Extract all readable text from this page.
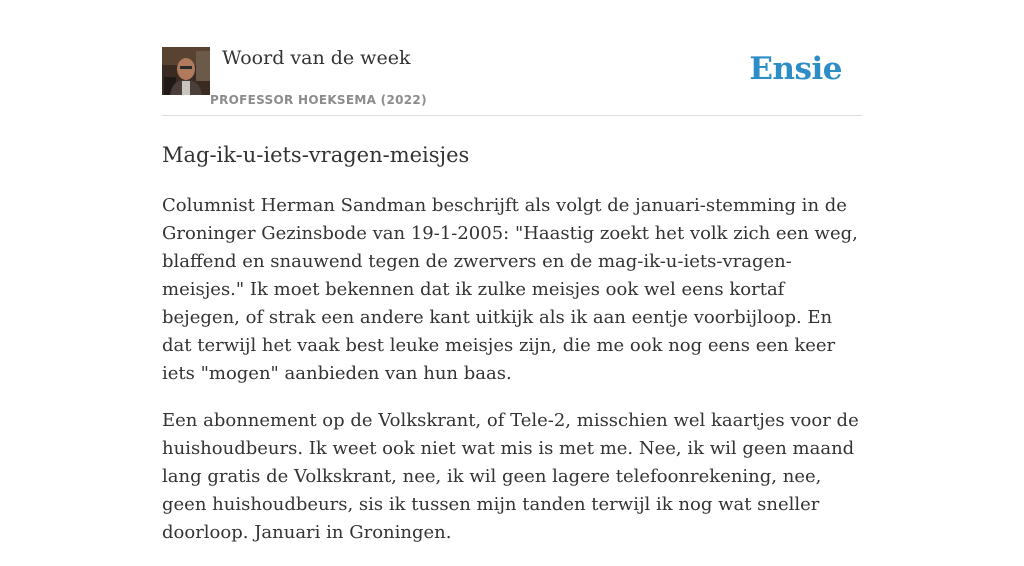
Woord van de week
PROFESSOR HOEKSEMA (2022)
Ensie
Mag-ik-u-iets-vragen-meisjes

Columnist Herman Sandman beschrijft als volgt de januari-stemming in de Groninger Gezinsbode van 19-1-2005: "Haastig zoekt het volk zich een weg, blaffend en snauwend tegen de zwervers en de mag-ik-u-iets-vragen-meisjes." Ik moet bekennen dat ik zulke meisjes ook wel eens kortaf bejegen, of strak een andere kant uitkijk als ik aan eentje voorbijloop. En dat terwijl het vaak best leuke meisjes zijn, die me ook nog eens een keer iets "mogen" aanbieden van hun baas.

Een abonnement op de Volkskrant, of Tele-2, misschien wel kaartjes voor de huishoudbeurs. Ik weet ook niet wat mis is met me. Nee, ik wil geen maand lang gratis de Volkskrant, nee, ik wil geen lagere telefoonrekening, nee, geen huishoudbeurs, sis ik tussen mijn tanden terwijl ik nog wat sneller doorloop. Januari in Groningen.
